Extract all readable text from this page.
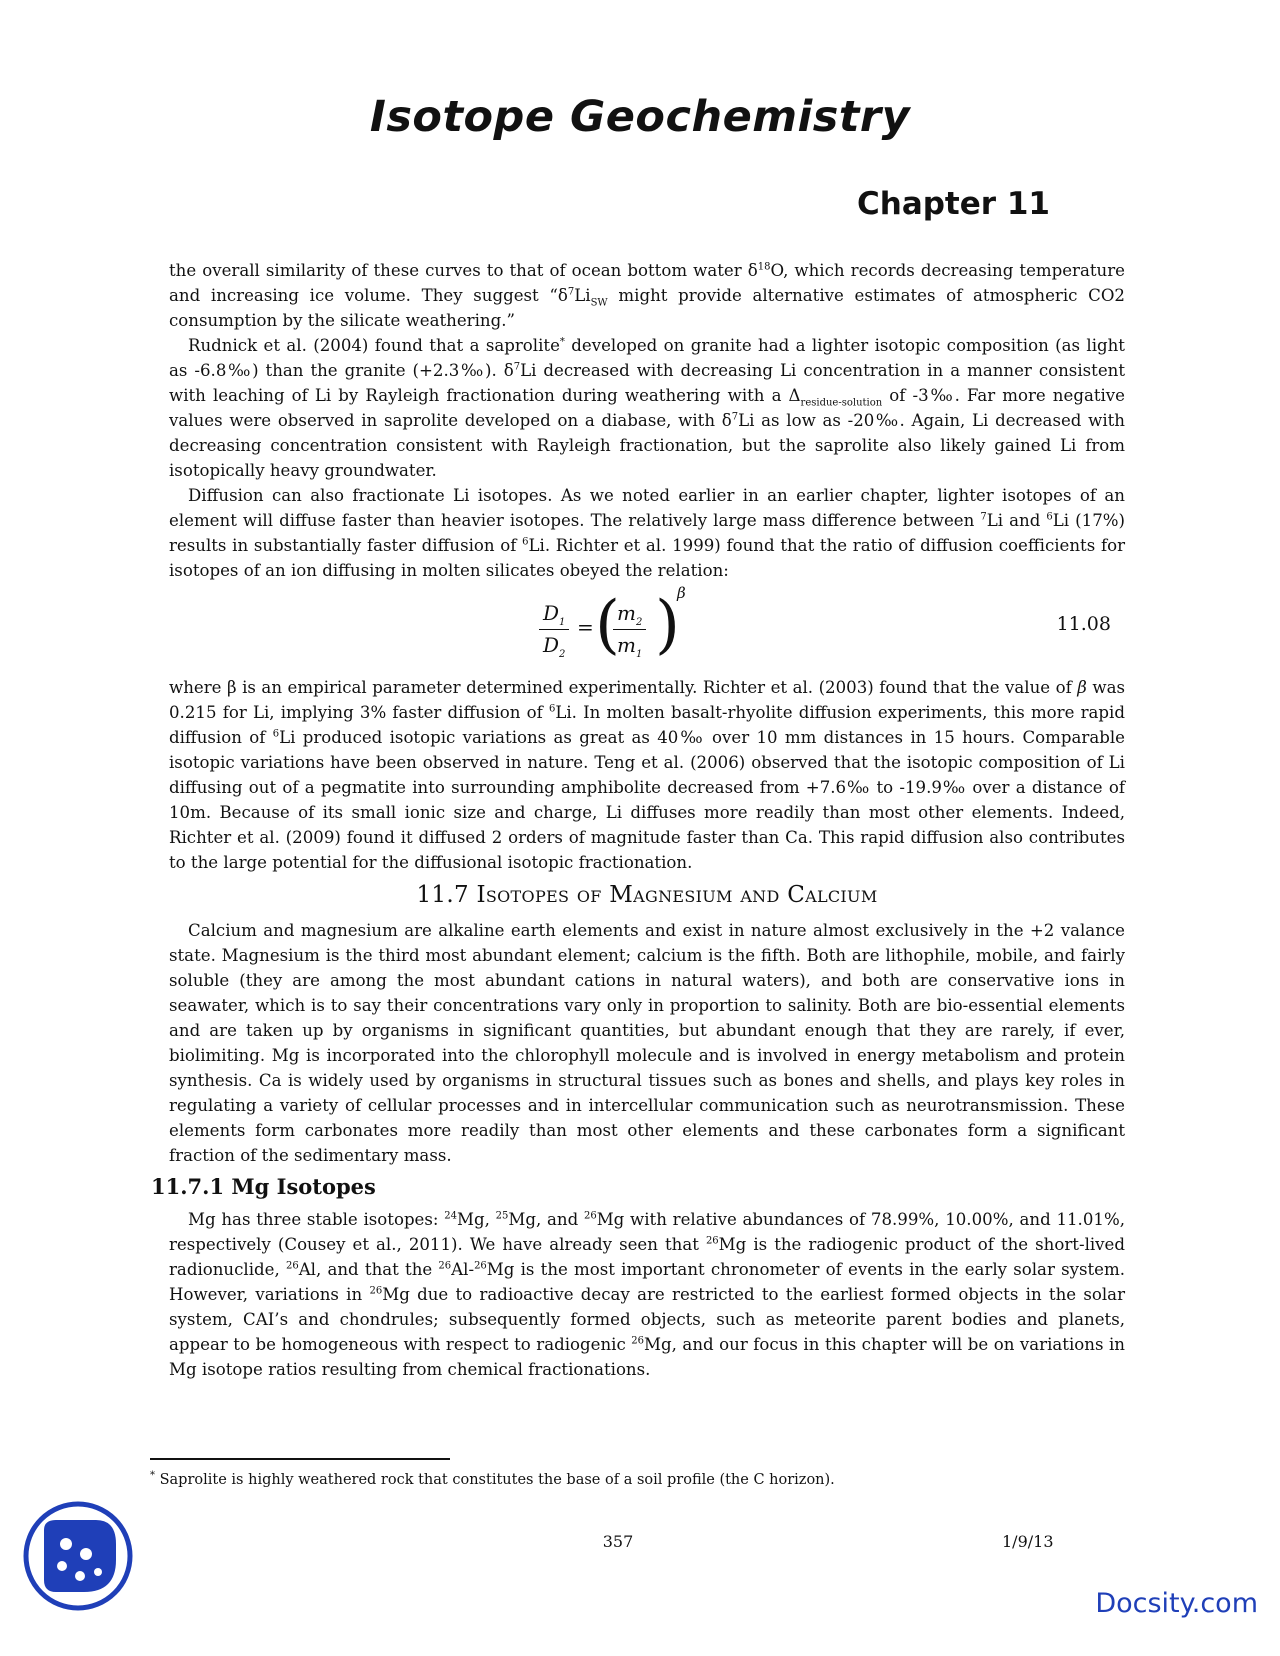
Isotope Geochemistry
Chapter 11

the overall similarity of these curves to that of ocean bottom water $\delta^{18}O$, which records decreasing temperature and increasing ice volume. They suggest “$\delta^7Li_{SW}$ might provide alternative estimates of atmospheric CO2 consumption by the silicate weathering.”

Rudnick et al. (2004) found that a saprolite* developed on granite had a lighter isotopic composition (as light as -6.8‰) than the granite (+2.3‰). $\delta^7Li$ decreased with decreasing Li concentration in a manner consistent with leaching of Li by Rayleigh fractionation during weathering with a $\Delta_{residue-solution}$ of -3‰. Far more negative values were observed in saprolite developed on a diabase, with $\delta^7Li$ as low as -20‰. Again, Li decreased with decreasing concentration consistent with Rayleigh fractionation, but the saprolite also likely gained Li from isotopically heavy groundwater.

Diffusion can also fractionate Li isotopes. As we noted earlier in an earlier chapter, lighter isotopes of an element will diffuse faster than heavier isotopes. The relatively large mass difference between $^7$Li and $^6$Li (17%) results in substantially faster diffusion of $^6$Li. Richter et al. 1999) found that the ratio of diffusion coefficients for isotopes of an ion diffusing in molten silicates obeyed the relation:

$D_1$
$D_2$
= (
$m_2$
$m_1$ )
β
11.08

where β is an empirical parameter determined experimentally. Richter et al. (2003) found that the value of β was 0.215 for Li, implying 3% faster diffusion of $^6$Li. In molten basalt-rhyolite diffusion experiments, this more rapid diffusion of $^6$Li produced isotopic variations as great as 40‰ over 10 mm distances in 15 hours. Comparable isotopic variations have been observed in nature. Teng et al. (2006) observed that the isotopic composition of Li diffusing out of a pegmatite into surrounding amphibolite decreased from +7.6‰ to -19.9‰ over a distance of 10m. Because of its small ionic size and charge, Li diffuses more readily than most other elements. Indeed, Richter et al. (2009) found it diffused 2 orders of magnitude faster than Ca. This rapid diffusion also contributes to the large potential for the diffusional isotopic fractionation.

11.7 Isotopes of Magnesium and Calcium

Calcium and magnesium are alkaline earth elements and exist in nature almost exclusively in the +2 valance state. Magnesium is the third most abundant element; calcium is the fifth. Both are lithophile, mobile, and fairly soluble (they are among the most abundant cations in natural waters), and both are conservative ions in seawater, which is to say their concentrations vary only in proportion to salinity. Both are bio-essential elements and are taken up by organisms in significant quantities, but abundant enough that they are rarely, if ever, biolimiting. Mg is incorporated into the chlorophyll molecule and is involved in energy metabolism and protein synthesis. Ca is widely used by organisms in structural tissues such as bones and shells, and plays key roles in regulating a variety of cellular processes and in intercellular communication such as neurotransmission. These elements form carbonates more readily than most other elements and these carbonates form a significant fraction of the sedimentary mass.

11.7.1 Mg Isotopes

Mg has three stable isotopes: $^{24}$Mg, $^{25}$Mg, and $^{26}$Mg with relative abundances of 78.99%, 10.00%, and 11.01%, respectively (Cousey et al., 2011). We have already seen that $^{26}$Mg is the radiogenic product of the short-lived radionuclide, $^{26}$Al, and that the $^{26}$Al-$^{26}$Mg is the most important chronometer of events in the early solar system. However, variations in $^{26}$Mg due to radioactive decay are restricted to the earliest formed objects in the solar system, CAI’s and chondrules; subsequently formed objects, such as meteorite parent bodies and planets, appear to be homogeneous with respect to radiogenic $^{26}$Mg, and our focus in this chapter will be on variations in Mg isotope ratios resulting from chemical fractionations.

* Saprolite is highly weathered rock that constitutes the base of a soil profile (the C horizon).
357	1/9/13
Docsity.com
